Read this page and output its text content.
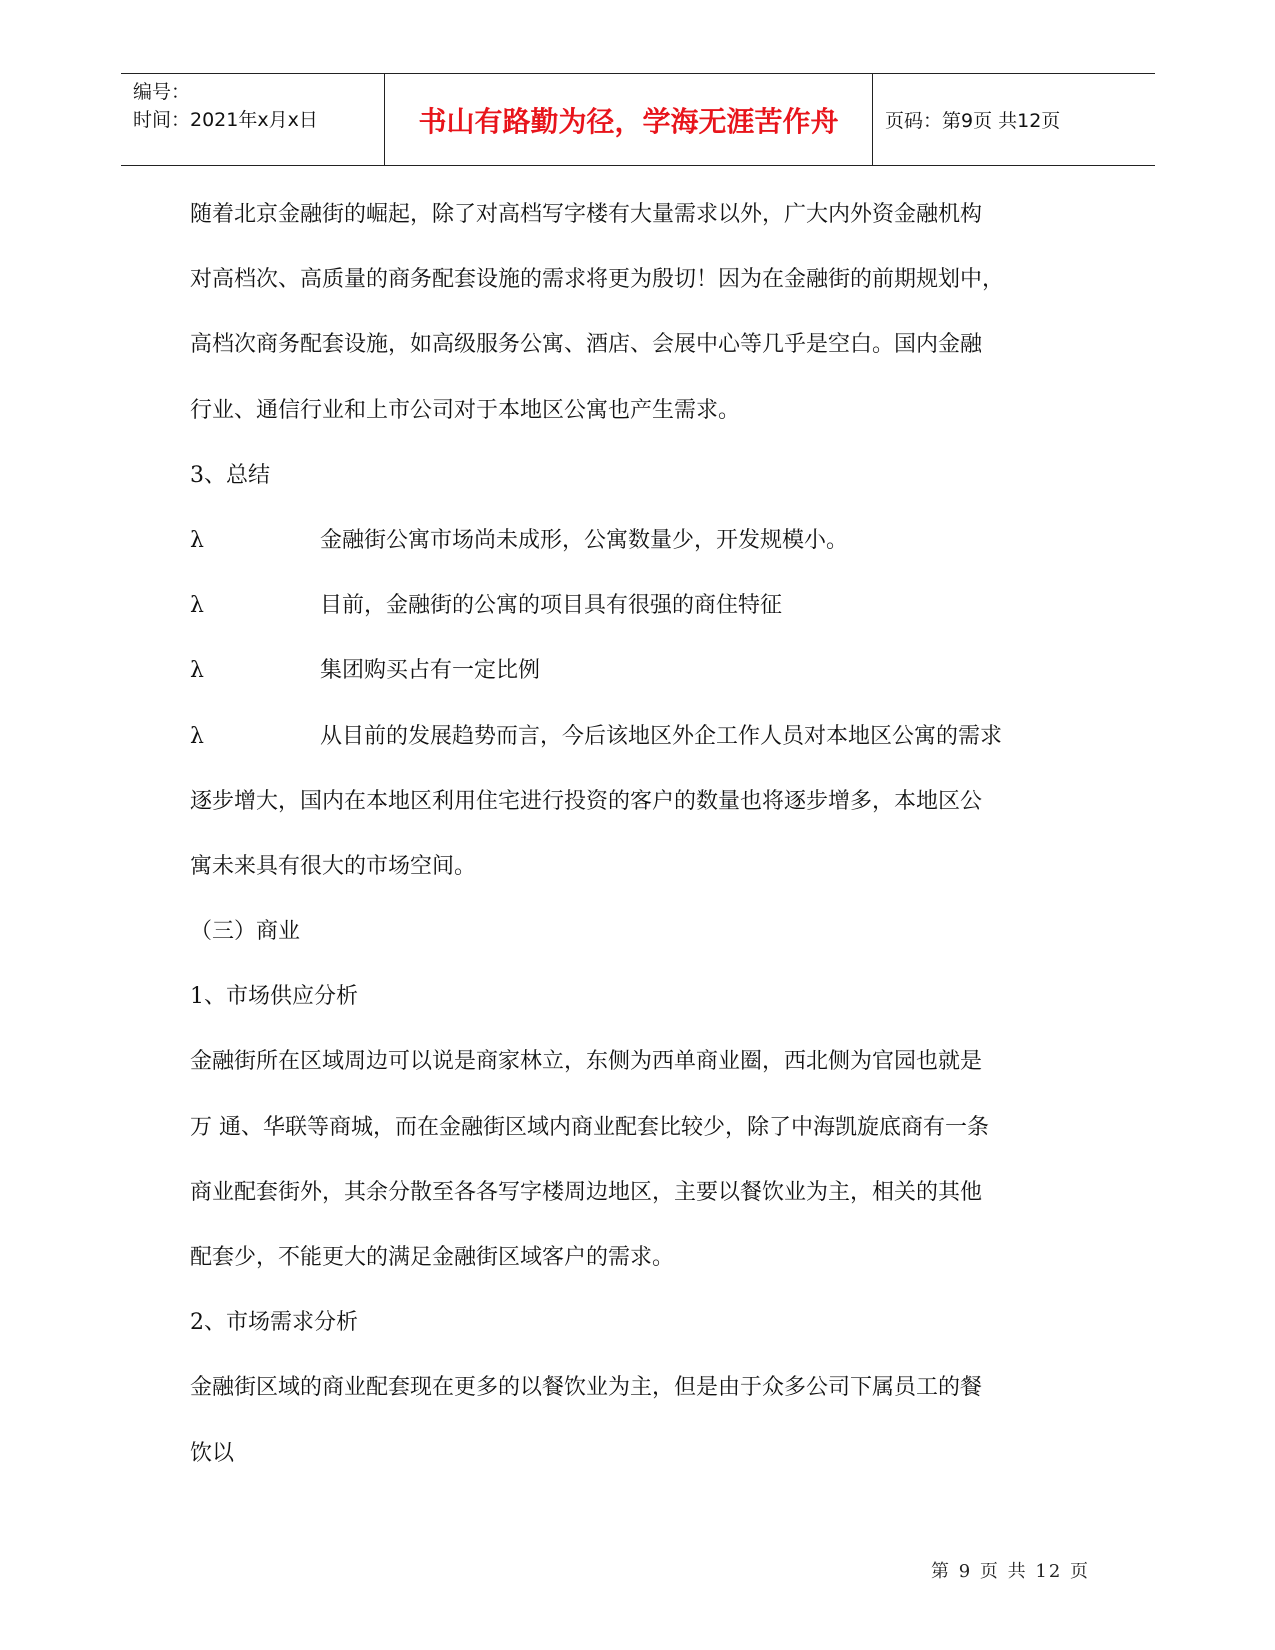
编号：
时间：2021年x月x日	书山有路勤为径，学海无涯苦作舟 页码：第9页 共12页
随着北京金融街的崛起，除了对高档写字楼有大量需求以外，广大内外资金融机构
对高档次、高质量的商务配套设施的需求将更为殷切！因为在金融街的前期规划中，
高档次商务配套设施，如高级服务公寓、酒店、会展中心等几乎是空白。国内金融
行业、通信行业和上市公司对于本地区公寓也产生需求。
3、总结
λ	金融街公寓市场尚未成形，公寓数量少，开发规模小。
λ	目前，金融街的公寓的项目具有很强的商住特征
λ	集团购买占有一定比例
λ	从目前的发展趋势而言，今后该地区外企工作人员对本地区公寓的需求
逐步增大，国内在本地区利用住宅进行投资的客户的数量也将逐步增多，本地区公
寓未来具有很大的市场空间。
（三）商业
1、市场供应分析
金融街所在区域周边可以说是商家林立，东侧为西单商业圈，西北侧为官园也就是
万 通、华联等商城，而在金融街区域内商业配套比较少，除了中海凯旋底商有一条
商业配套街外，其余分散至各各写字楼周边地区，主要以餐饮业为主，相关的其他
配套少，不能更大的满足金融街区域客户的需求。
2、市场需求分析
金融街区域的商业配套现在更多的以餐饮业为主，但是由于众多公司下属员工的餐
饮以
第 9 页 共 12 页
